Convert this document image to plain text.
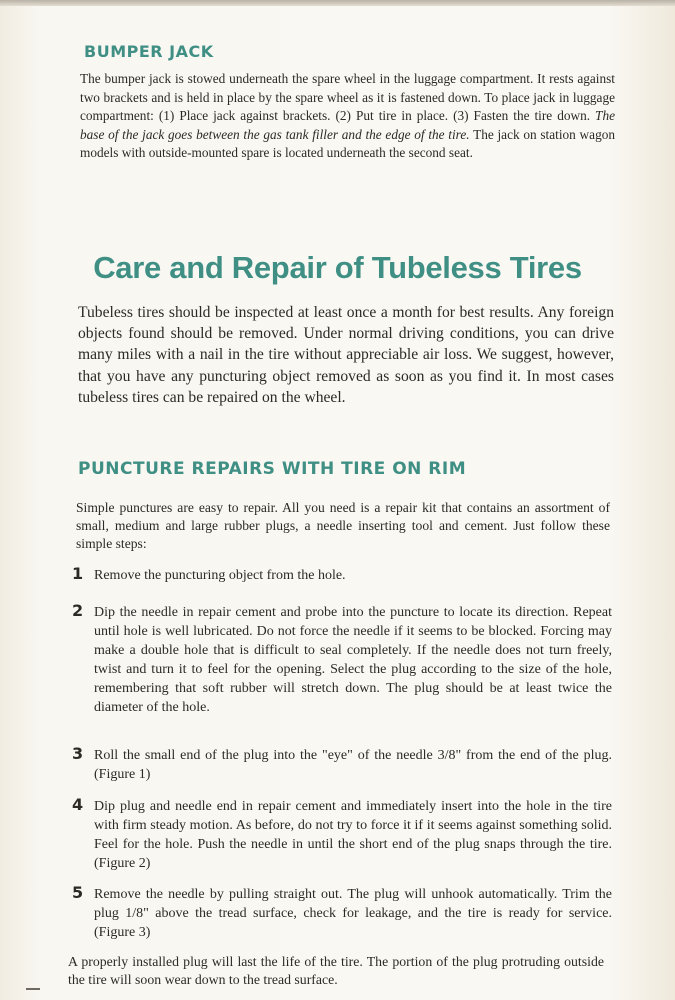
BUMPER JACK
The bumper jack is stowed underneath the spare wheel in the luggage compartment. It rests against two brackets and is held in place by the spare wheel as it is fastened down. To place jack in luggage compartment: (1) Place jack against brackets. (2) Put tire in place. (3) Fasten the tire down. The base of the jack goes between the gas tank filler and the edge of the tire. The jack on station wagon models with outside-mounted spare is located underneath the second seat.
Care and Repair of Tubeless Tires
Tubeless tires should be inspected at least once a month for best results. Any foreign objects found should be removed. Under normal driving conditions, you can drive many miles with a nail in the tire without appreciable air loss. We suggest, however, that you have any puncturing object removed as soon as you find it. In most cases tubeless tires can be repaired on the wheel.
PUNCTURE REPAIRS WITH TIRE ON RIM
Simple punctures are easy to repair. All you need is a repair kit that contains an assortment of small, medium and large rubber plugs, a needle inserting tool and cement. Just follow these simple steps:
1 Remove the puncturing object from the hole.
2 Dip the needle in repair cement and probe into the puncture to locate its direction. Repeat until hole is well lubricated. Do not force the needle if it seems to be blocked. Forcing may make a double hole that is difficult to seal completely. If the needle does not turn freely, twist and turn it to feel for the opening. Select the plug according to the size of the hole, remembering that soft rubber will stretch down. The plug should be at least twice the diameter of the hole.
3 Roll the small end of the plug into the "eye" of the needle 3/8" from the end of the plug. (Figure 1)
4 Dip plug and needle end in repair cement and immediately insert into the hole in the tire with firm steady motion. As before, do not try to force it if it seems against something solid. Feel for the hole. Push the needle in until the short end of the plug snaps through the tire. (Figure 2)
5 Remove the needle by pulling straight out. The plug will unhook automatically. Trim the plug 1/8" above the tread surface, check for leakage, and the tire is ready for service. (Figure 3)
A properly installed plug will last the life of the tire. The portion of the plug protruding outside the tire will soon wear down to the tread surface.
